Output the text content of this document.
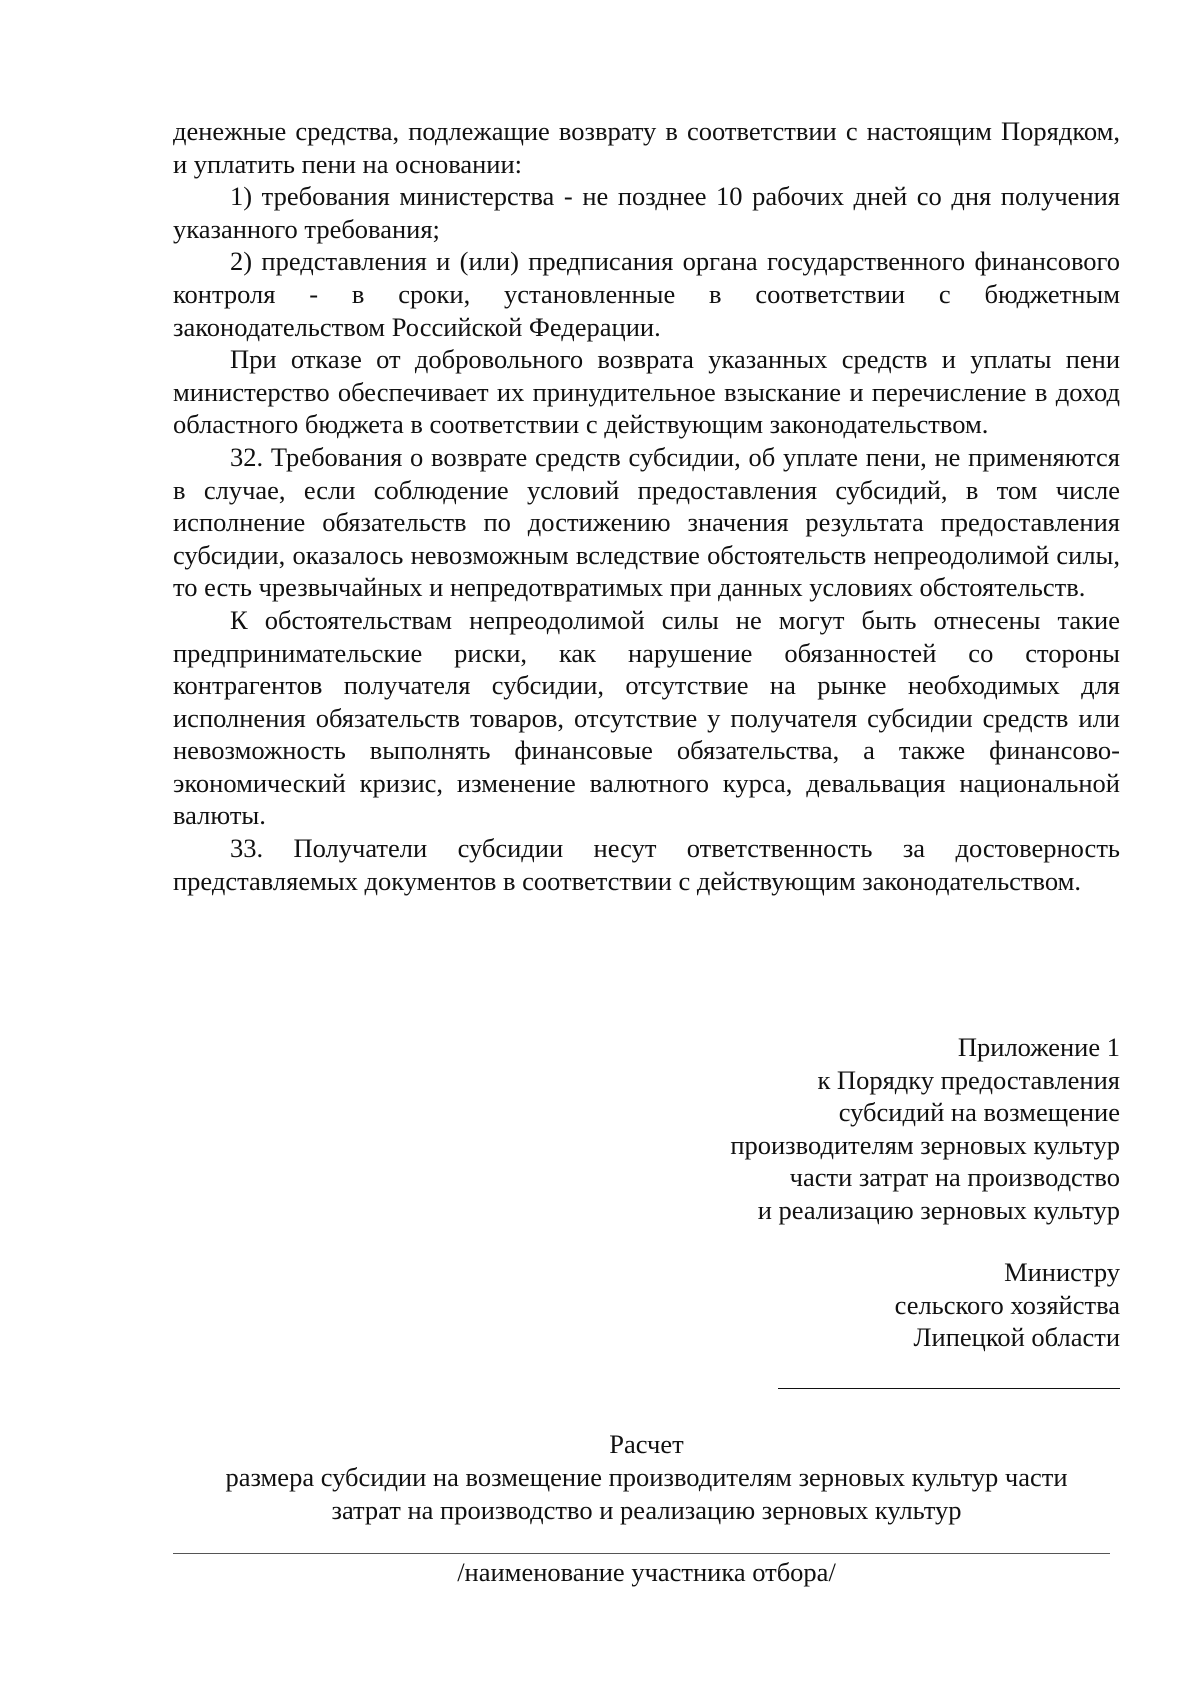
денежные средства, подлежащие возврату в соответствии с настоящим Порядком, и уплатить пени на основании:

1) требования министерства - не позднее 10 рабочих дней со дня получения указанного требования;

2) представления и (или) предписания органа государственного финансового контроля - в сроки, установленные в соответствии с бюджетным законодательством Российской Федерации.

При отказе от добровольного возврата указанных средств и уплаты пени министерство обеспечивает их принудительное взыскание и перечисление в доход областного бюджета в соответствии с действующим законодательством.

32. Требования о возврате средств субсидии, об уплате пени, не применяются в случае, если соблюдение условий предоставления субсидий, в том числе исполнение обязательств по достижению значения результата предоставления субсидии, оказалось невозможным вследствие обстоятельств непреодолимой силы, то есть чрезвычайных и непредотвратимых при данных условиях обстоятельств.

К обстоятельствам непреодолимой силы не могут быть отнесены такие предпринимательские риски, как нарушение обязанностей со стороны контрагентов получателя субсидии, отсутствие на рынке необходимых для исполнения обязательств товаров, отсутствие у получателя субсидии средств или невозможность выполнять финансовые обязательства, а также финансово-экономический кризис, изменение валютного курса, девальвация национальной валюты.

33. Получатели субсидии несут ответственность за достоверность представляемых документов в соответствии с действующим законодательством.

Приложение 1
к Порядку предоставления
субсидий на возмещение
производителям зерновых культур
части затрат на производство
и реализацию зерновых культур
Министру
сельского хозяйства
Липецкой области
Расчет
размера субсидии на возмещение производителям зерновых культур части
затрат на производство и реализацию зерновых культур
/наименование участника отбора/
